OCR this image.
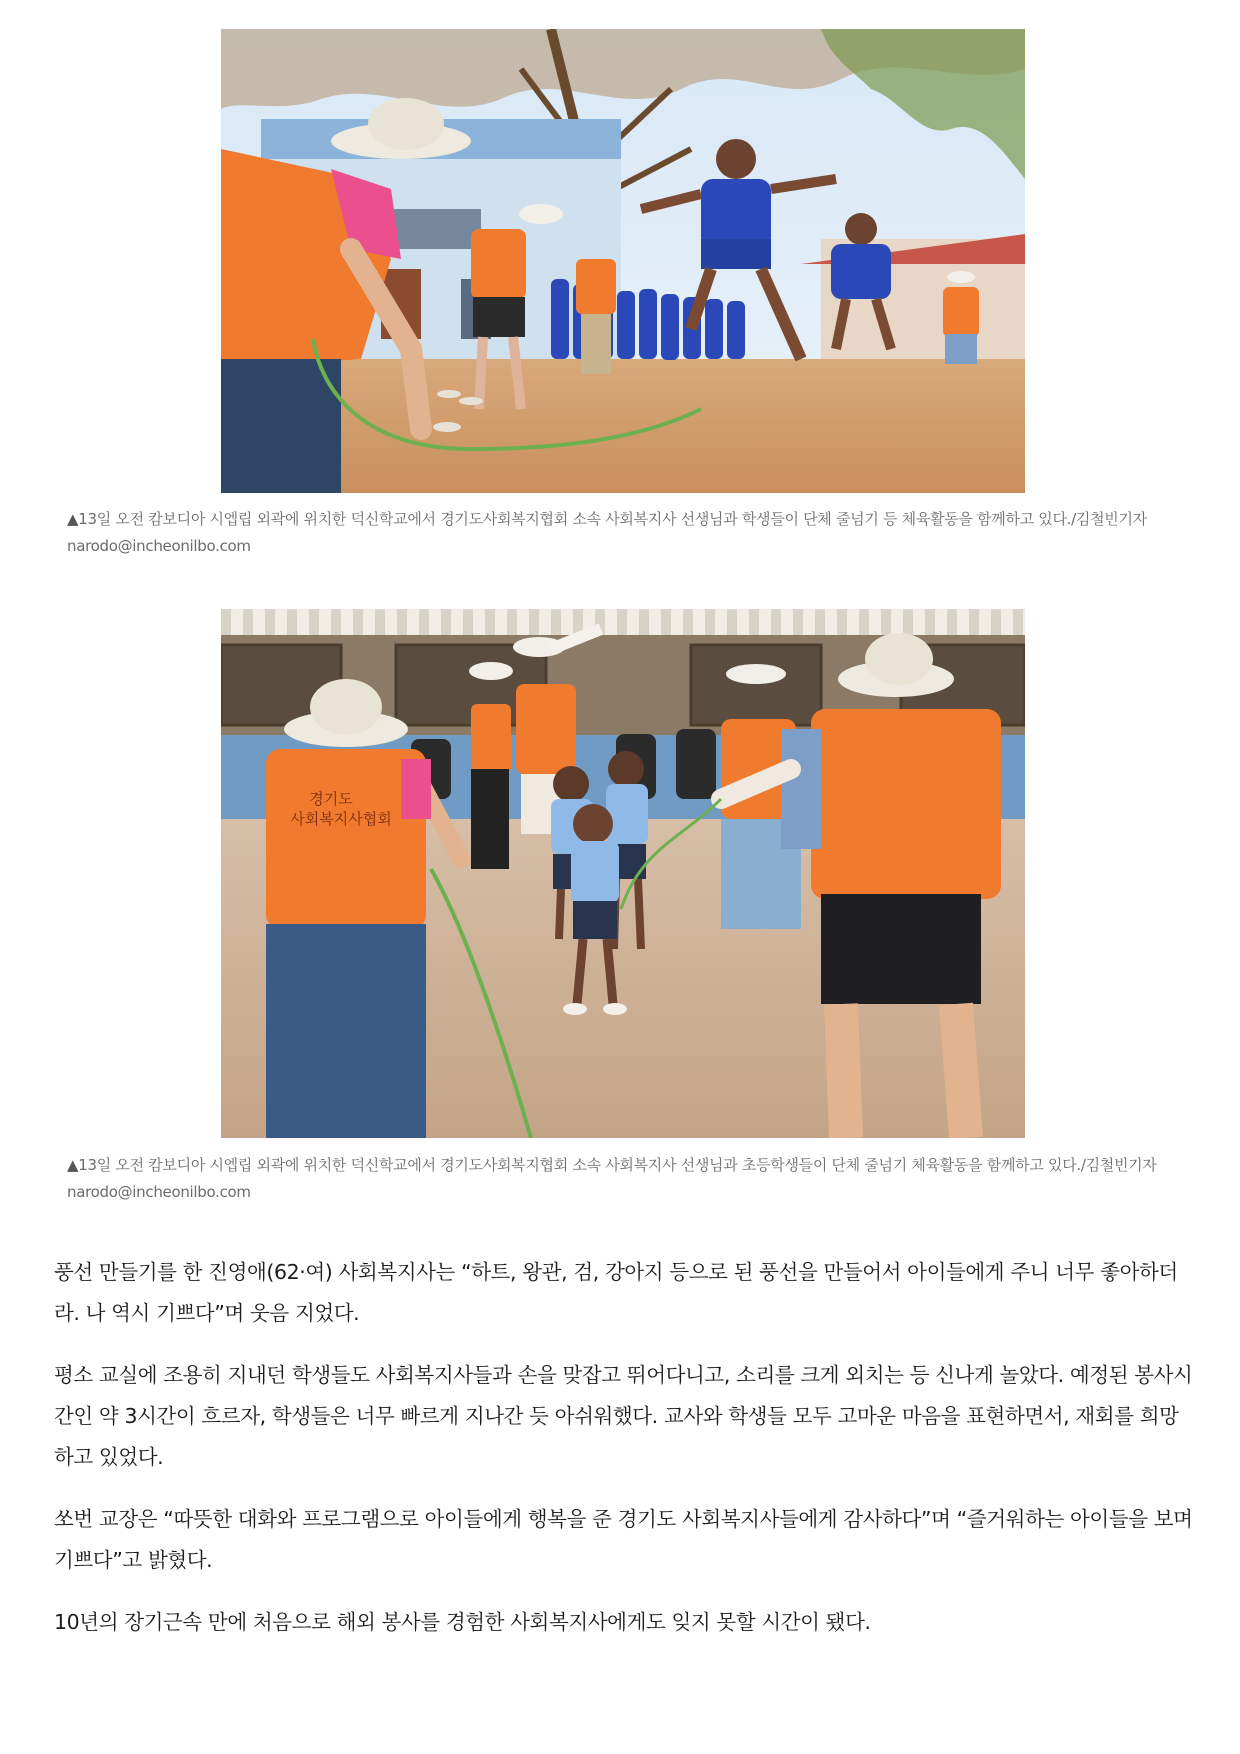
▲13일 오전 캄보디아 시엡립 외곽에 위치한 덕신학교에서 경기도사회복지협회 소속 사회복지사 선생님과 학생들이 단체 줄넘기 등 체육활동을 함께하고 있다./김철빈기자
narodo@incheonilbo.com
경기도
사회복지사협회
▲13일 오전 캄보디아 시엡립 외곽에 위치한 덕신학교에서 경기도사회복지협회 소속 사회복지사 선생님과 초등학생들이 단체 줄넘기 체육활동을 함께하고 있다./김철빈기자
narodo@incheonilbo.com

풍선 만들기를 한 진영애(62·여) 사회복지사는 “하트, 왕관, 검, 강아지 등으로 된 풍선을 만들어서 아이들에게 주니 너무 좋아하더라. 나 역시 기쁘다”며 웃음 지었다.

평소 교실에 조용히 지내던 학생들도 사회복지사들과 손을 맞잡고 뛰어다니고, 소리를 크게 외치는 등 신나게 놀았다. 예정된 봉사시간인 약 3시간이 흐르자, 학생들은 너무 빠르게 지나간 듯 아쉬워했다. 교사와 학생들 모두 고마운 마음을 표현하면서, 재회를 희망하고 있었다.

쏘번 교장은 “따뜻한 대화와 프로그램으로 아이들에게 행복을 준 경기도 사회복지사들에게 감사하다”며 “즐거워하는 아이들을 보며 기쁘다”고 밝혔다.

10년의 장기근속 만에 처음으로 해외 봉사를 경험한 사회복지사에게도 잊지 못할 시간이 됐다.
